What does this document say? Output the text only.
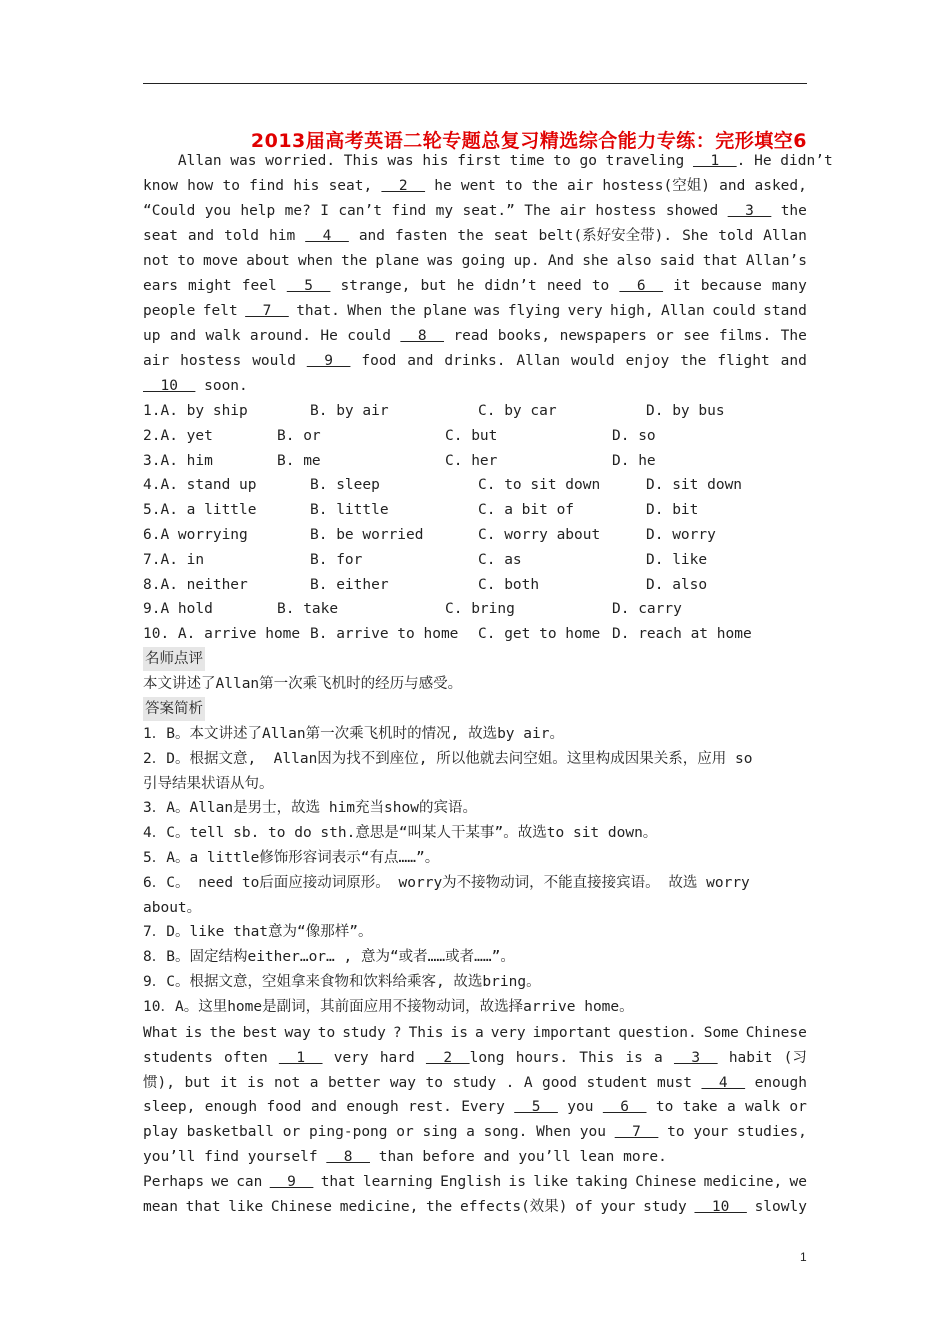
2013届高考英语二轮专题总复习精选综合能力专练：完形填空6
Allan was worried. This was his first time to go traveling   1  . He didn’t
know how to find his seat, 2 he went to the air hostess(空姐) and asked,
“Could you help me? I can’t find my seat.” The air hostess showed 3 the
seat and told him 4 and fasten the seat belt(系好安全带). She told Allan
not to move about when the plane was going up. And she also said that Allan’s
ears might feel 5 strange, but he didn’t need to 6 it because many
people felt 7 that. When the plane was flying very high, Allan could stand
up and walk around. He could 8 read books, newspapers or see films. The
air hostess would 9 food and drinks. Allan would enjoy the flight and
10   soon.
1.A. by ship	B. by air	C. by car	D. by bus
2.A. yet	B. or	C. but	D. so
3.A. him	B. me	C. her	D. he
4.A. stand up	B. sleep	C. to sit down	D. sit down
5.A. a little	B. little	C. a bit of	D. bit
6.A worrying	B. be worried	C. worry about	D. worry
7.A. in	B. for	C. as	D. like
8.A. neither	B. either	C. both	D. also
9.A hold	B. take	C. bring	D. carry
10. A. arrive home B. arrive to home C. get to home D. reach at home
名师点评
本文讲述了Allan第一次乘飞机时的经历与感受。
答案简析
1．B。本文讲述了Allan第一次乘飞机时的情况, 故选by air。
2．D。根据文意,  Allan因为找不到座位, 所以他就去问空姐。这里构成因果关系，应用 so
引导结果状语从句。
3．A。Allan是男士，故选 him充当show的宾语。
4．C。tell sb. to do sth.意思是“叫某人干某事”。故选to sit down。
5．A。a little修饰形容词表示“有点……”。
6．C。 need to后面应接动词原形。 worry为不接物动词，不能直接接宾语。 故选 worry
about。
7．D。like that意为“像那样”。
8．B。固定结构either…or… , 意为“或者……或者……”。
9．C。根据文意，空姐拿来食物和饮料给乘客, 故选bring。
10．A。这里home是副词，其前面应用不接物动词，故选择arrive home。
What is the best way to study ? This is a very important question. Some Chinese
students often 1 very hard 2  long hours. This is a 3 habit (习
惯), but it is not a better way to study . A good student must 4 enough
sleep, enough food and enough rest. Every 5 you 6 to take a walk or
play basketball or ping-pong or sing a song. When you 7 to your studies,
you’ll find yourself   8   than before and you’ll lean more.
Perhaps we can 9 that learning English is like taking Chinese medicine, we
mean that like Chinese medicine, the effects(效果) of your study 10 slowly
1
